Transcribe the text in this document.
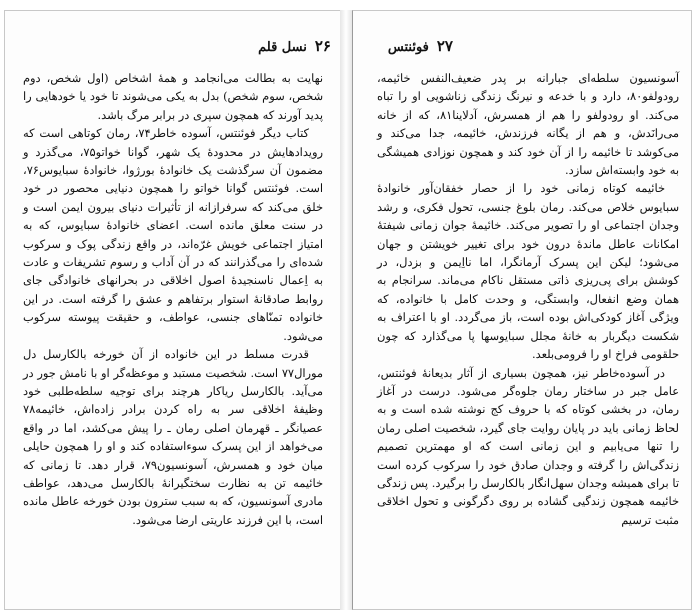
۲۶
نسل قلم

نهایت به بطالت می‌انجامد و همهٔ اشخاص (اول شخص، دوم شخص، سوم شخص) بدل به یکی می‌شوند تا خود یا خودهایی را پدید آورند که همچون سپری در برابر مرگ باشد.

کتاب دیگر فوئنتس، آسوده خاطر۷۴، رمان کوتاهی است که رویدادهایش در محدودهٔ یک شهر، گوانا خواتو۷۵، می‌گذرد و مضمون آن سرگذشت یک خانوادهٔ بورژوا، خانوادهٔ سبایوس۷۶، است. فوئنتس گوانا خواتو را همچون دنیایی محصور در خود خلق می‌کند که سرفرازانه از تأثیرات دنیای بیرون ایمن است و در سنت معلق مانده است. اعضای خانوادهٔ سبایوس، که به امتیاز اجتماعی خویش غرّه‌اند، در واقع زندگی پوک و سرکوب شده‌ای را می‌گذرانند که در آن آداب و رسوم تشریفات و عادت به اِعمال ناسنجیدهٔ اصول اخلاقی در بحرانهای خانوادگی جای روابط صادقانهٔ استوار برتفاهم و عشق را گرفته است. در این خانواده تمنّاهای جنسی، عواطف، و حقیقت پیوسته سرکوب می‌شود.

قدرت مسلط در این خانواده از آن خورخه بالکارسل دل مورال۷۷ است. شخصیت مستبد و موعظه‌گر او با نامش جور در می‌آید. بالکارسل ریاکار هرچند برای توجیه سلطه‌طلبی خود وظیفهٔ اخلاقی سر به راه کردن برادر زاده‌اش، خائیمه۷۸ عصیانگر ـ قهرمان اصلی رمان ـ را پیش می‌کشد، اما در واقع می‌خواهد از این پسرک سوءاستفاده کند و او را همچون حایلی میان خود و همسرش، آسونسیون۷۹، قرار دهد. تا زمانی که خائیمه تن به نظارت سختگیرانهٔ بالکارسل می‌دهد، عواطف مادری آسونسیون، که به سبب سترون بودن خورخه عاطل مانده است، با این فرزند عاریتی ارضا می‌شود.

۲۷
فوئنتس

آسونسیون سلطه‌ای جبارانه بر پدر ضعیف‌النفس خائیمه، رودولفو۸۰، دارد و با خدعه و نیرنگ زندگی زناشویی او را تباه می‌کند. او رودولفو را هم از همسرش، آدلاینا۸۱، که از خانه می‌رانَدش، و هم از یگانه فرزندش، خائیمه، جدا می‌کند و می‌کوشد تا خائیمه را از آن خود کند و همچون نوزادی همیشگی به خود وابسته‌اش سازد.

خائیمه کوتاه زمانی خود را از حصار خفقان‌آور خانوادهٔ سبایوس خلاص می‌کند. رمان بلوغ جنسی، تحول فکری، و رشد وجدان اجتماعی او را تصویر می‌کند. خائیمهٔ جوان زمانی شیفتهٔ امکانات عاطل ماندهٔ درون خود برای تغییر خویشتن و جهان می‌شود؛ لیکن این پسرک آرمانگرا، اما نااِیمن و بزدل، در کوشش برای پی‌ریزی ذاتی مستقل ناکام می‌ماند. سرانجام به همان وضع انفعال، وابستگی، و وحدت کامل با خانواده، که ویژگی آغاز کودکی‌اش بوده است، باز می‌گردد. او با اعتراف به شکست دیگربار به خانهٔ مجلل سبایوسها پا می‌گذارد که چون حلقومی فراخ او را فرومی‌بلعد.

در آسوده‌خاطر نیز، همچون بسیاری از آثار بدیعانهٔ فوئنتس، عامل جبر در ساختار رمان جلوه‌گر می‌شود. درست در آغاز رمان، در بخشی کوتاه که با حروف کج نوشته شده است و به لحاظ زمانی باید در پایان روایت جای گیرد، شخصیت اصلی رمان را تنها می‌یابیم و این زمانی است که او مهمترین تصمیم زندگی‌اش را گرفته و وجدان صادق خود را سرکوب کرده است تا برای همیشه وجدان سهل‌انگار بالکارسل را برگیرد. پس زندگی خائیمه همچون زندگیی گشاده بر روی دگرگونی و تحول اخلاقی مثبت ترسیم
